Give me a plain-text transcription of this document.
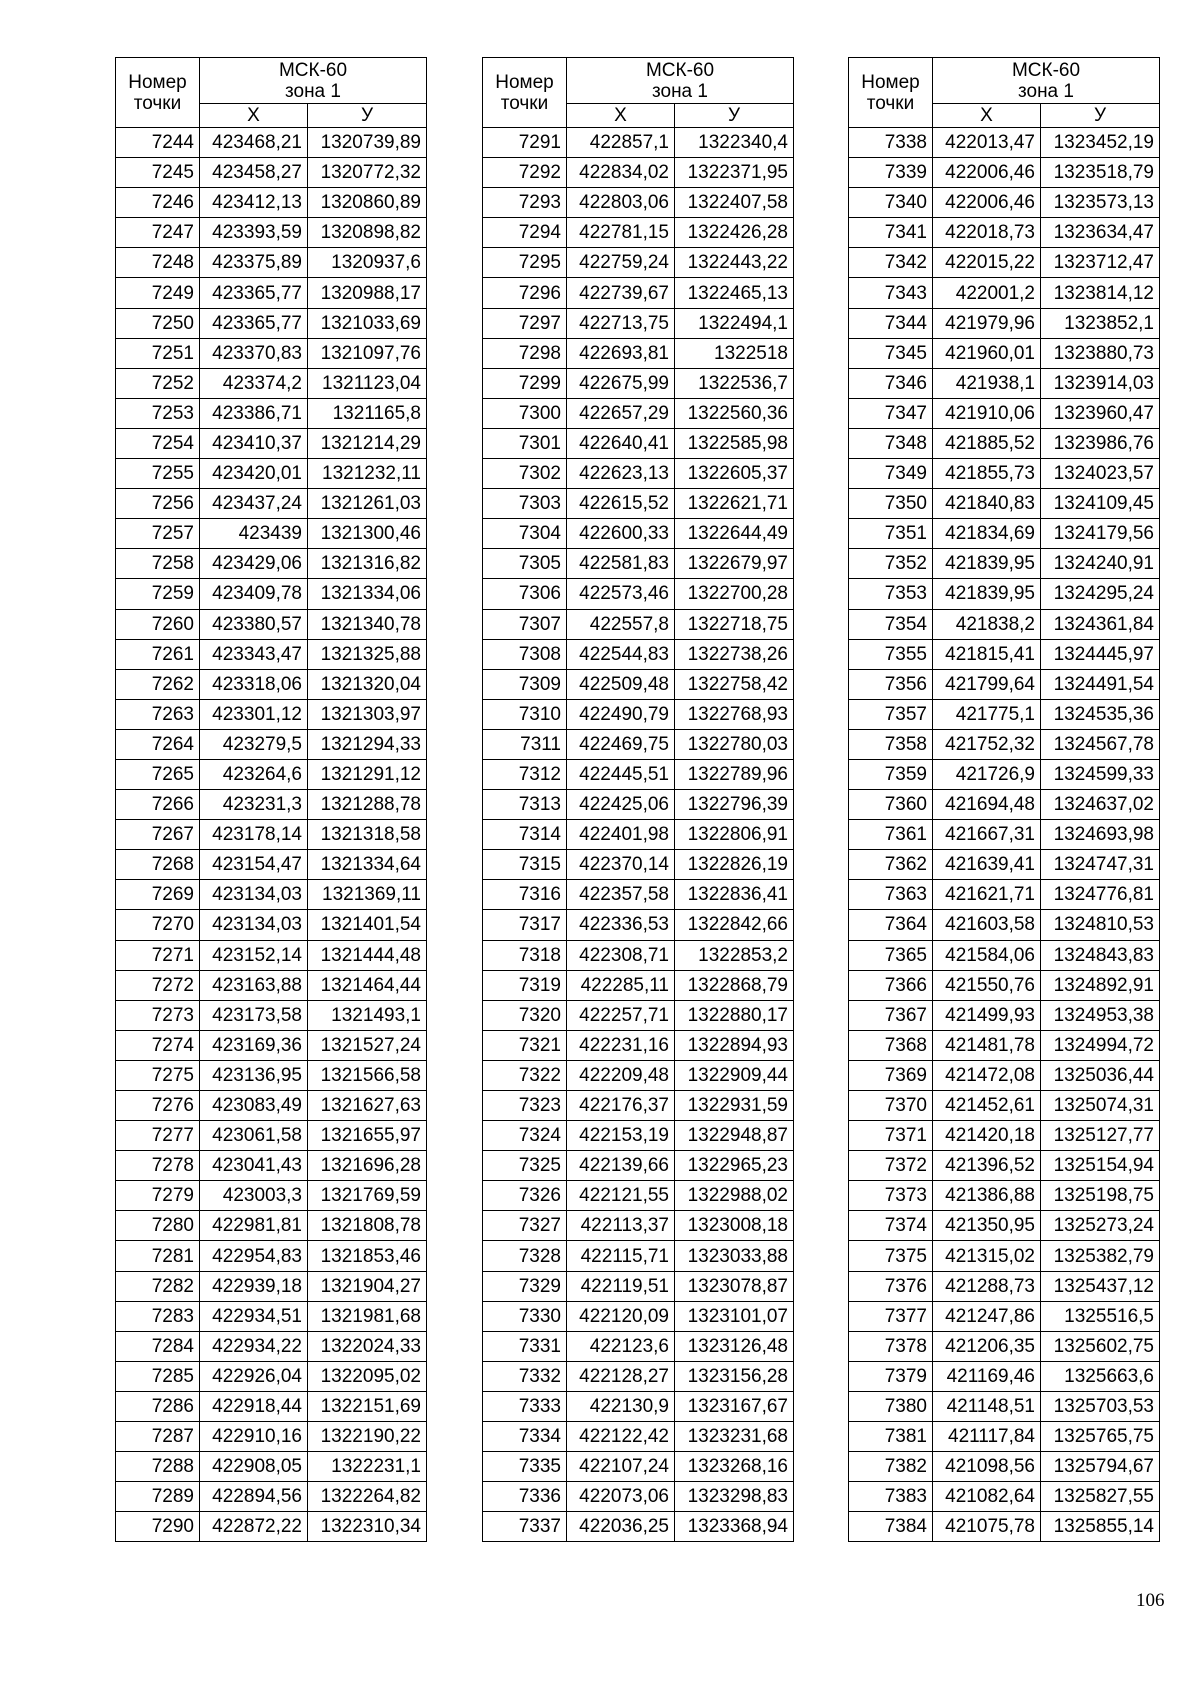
Номер
точки	МСК-60
зона 1	
	Х	У
7244	423468,21	1320739,89
7245	423458,27	1320772,32
7246	423412,13	1320860,89
7247	423393,59	1320898,82
7248	423375,89	1320937,6
7249	423365,77	1320988,17
7250	423365,77	1321033,69
7251	423370,83	1321097,76
7252	423374,2	1321123,04
7253	423386,71	1321165,8
7254	423410,37	1321214,29
7255	423420,01	1321232,11
7256	423437,24	1321261,03
7257	423439	1321300,46
7258	423429,06	1321316,82
7259	423409,78	1321334,06
7260	423380,57	1321340,78
7261	423343,47	1321325,88
7262	423318,06	1321320,04
7263	423301,12	1321303,97
7264	423279,5	1321294,33
7265	423264,6	1321291,12
7266	423231,3	1321288,78
7267	423178,14	1321318,58
7268	423154,47	1321334,64
7269	423134,03	1321369,11
7270	423134,03	1321401,54
7271	423152,14	1321444,48
7272	423163,88	1321464,44
7273	423173,58	1321493,1
7274	423169,36	1321527,24
7275	423136,95	1321566,58
7276	423083,49	1321627,63
7277	423061,58	1321655,97
7278	423041,43	1321696,28
7279	423003,3	1321769,59
7280	422981,81	1321808,78
7281	422954,83	1321853,46
7282	422939,18	1321904,27
7283	422934,51	1321981,68
7284	422934,22	1322024,33
7285	422926,04	1322095,02
7286	422918,44	1322151,69
7287	422910,16	1322190,22
7288	422908,05	1322231,1
7289	422894,56	1322264,82
7290	422872,22	1322310,34
Номер
точки	МСК-60
зона 1	
	Х	У
7291	422857,1	1322340,4
7292	422834,02	1322371,95
7293	422803,06	1322407,58
7294	422781,15	1322426,28
7295	422759,24	1322443,22
7296	422739,67	1322465,13
7297	422713,75	1322494,1
7298	422693,81	1322518
7299	422675,99	1322536,7
7300	422657,29	1322560,36
7301	422640,41	1322585,98
7302	422623,13	1322605,37
7303	422615,52	1322621,71
7304	422600,33	1322644,49
7305	422581,83	1322679,97
7306	422573,46	1322700,28
7307	422557,8	1322718,75
7308	422544,83	1322738,26
7309	422509,48	1322758,42
7310	422490,79	1322768,93
7311	422469,75	1322780,03
7312	422445,51	1322789,96
7313	422425,06	1322796,39
7314	422401,98	1322806,91
7315	422370,14	1322826,19
7316	422357,58	1322836,41
7317	422336,53	1322842,66
7318	422308,71	1322853,2
7319	422285,11	1322868,79
7320	422257,71	1322880,17
7321	422231,16	1322894,93
7322	422209,48	1322909,44
7323	422176,37	1322931,59
7324	422153,19	1322948,87
7325	422139,66	1322965,23
7326	422121,55	1322988,02
7327	422113,37	1323008,18
7328	422115,71	1323033,88
7329	422119,51	1323078,87
7330	422120,09	1323101,07
7331	422123,6	1323126,48
7332	422128,27	1323156,28
7333	422130,9	1323167,67
7334	422122,42	1323231,68
7335	422107,24	1323268,16
7336	422073,06	1323298,83
7337	422036,25	1323368,94
Номер
точки	МСК-60
зона 1	
	Х	У
7338	422013,47	1323452,19
7339	422006,46	1323518,79
7340	422006,46	1323573,13
7341	422018,73	1323634,47
7342	422015,22	1323712,47
7343	422001,2	1323814,12
7344	421979,96	1323852,1
7345	421960,01	1323880,73
7346	421938,1	1323914,03
7347	421910,06	1323960,47
7348	421885,52	1323986,76
7349	421855,73	1324023,57
7350	421840,83	1324109,45
7351	421834,69	1324179,56
7352	421839,95	1324240,91
7353	421839,95	1324295,24
7354	421838,2	1324361,84
7355	421815,41	1324445,97
7356	421799,64	1324491,54
7357	421775,1	1324535,36
7358	421752,32	1324567,78
7359	421726,9	1324599,33
7360	421694,48	1324637,02
7361	421667,31	1324693,98
7362	421639,41	1324747,31
7363	421621,71	1324776,81
7364	421603,58	1324810,53
7365	421584,06	1324843,83
7366	421550,76	1324892,91
7367	421499,93	1324953,38
7368	421481,78	1324994,72
7369	421472,08	1325036,44
7370	421452,61	1325074,31
7371	421420,18	1325127,77
7372	421396,52	1325154,94
7373	421386,88	1325198,75
7374	421350,95	1325273,24
7375	421315,02	1325382,79
7376	421288,73	1325437,12
7377	421247,86	1325516,5
7378	421206,35	1325602,75
7379	421169,46	1325663,6
7380	421148,51	1325703,53
7381	421117,84	1325765,75
7382	421098,56	1325794,67
7383	421082,64	1325827,55
7384	421075,78	1325855,14
106
